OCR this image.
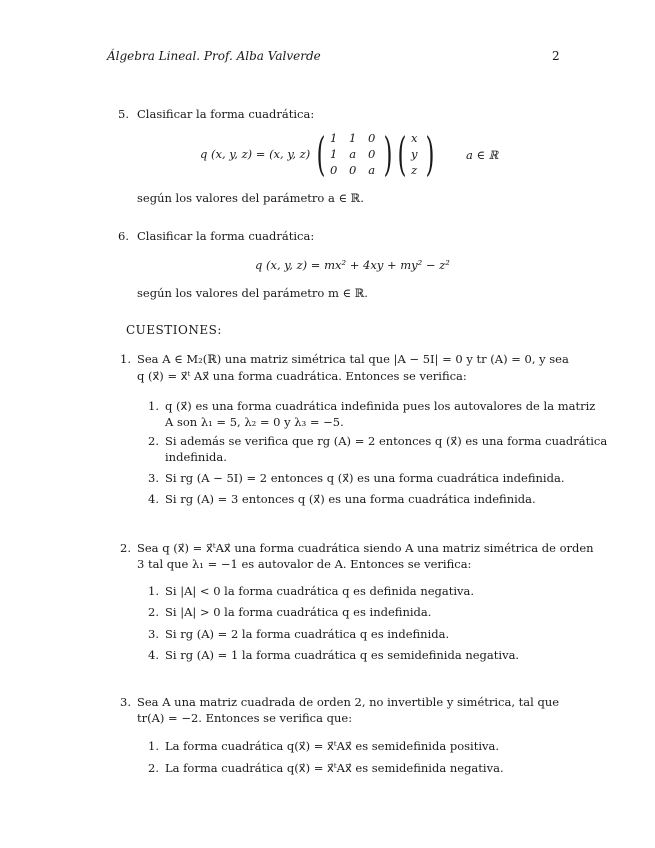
Álgebra Lineal. Prof. Alba Valverde	2
5. Clasificar la forma cuadrática:
q (x, y, z) = (x, y, z) ( 1	1	0
1	a	0
0	0	a ) ( x
y
z )	a ∈ ℝ
según los valores del parámetro a ∈ ℝ.
6. Clasificar la forma cuadrática:
q (x, y, z) = mx² + 4xy + my² − z²
según los valores del parámetro m ∈ ℝ.
CUESTIONES:
1. Sea A ∈ M₂(ℝ) una matriz simétrica tal que |A − 5I| = 0 y tr (A) = 0, y sea
q (x⃗) = x⃗ᵗ Ax⃗ una forma cuadrática. Entonces se verifica:
1. q (x⃗) es una forma cuadrática indefinida pues los autovalores de la matriz
A son λ₁ = 5, λ₂ = 0 y λ₃ = −5.
2. Si además se verifica que rg (A) = 2 entonces q (x⃗) es una forma cuadrática
indefinida.
3. Si rg (A − 5I) = 2 entonces q (x⃗) es una forma cuadrática indefinida.
4. Si rg (A) = 3 entonces q (x⃗) es una forma cuadrática indefinida.
2. Sea q (x⃗) = x⃗ᵗAx⃗ una forma cuadrática siendo A una matriz simétrica de orden
3 tal que λ₁ = −1 es autovalor de A. Entonces se verifica:
1. Si |A| < 0 la forma cuadrática q es definida negativa.
2. Si |A| > 0 la forma cuadrática q es indefinida.
3. Si rg (A) = 2 la forma cuadrática q es indefinida.
4. Si rg (A) = 1 la forma cuadrática q es semidefinida negativa.
3. Sea A una matriz cuadrada de orden 2, no invertible y simétrica, tal que
tr(A) = −2. Entonces se verifica que:
1. La forma cuadrática q(x⃗) = x⃗ᵗAx⃗ es semidefinida positiva.
2. La forma cuadrática q(x⃗) = x⃗ᵗAx⃗ es semidefinida negativa.
